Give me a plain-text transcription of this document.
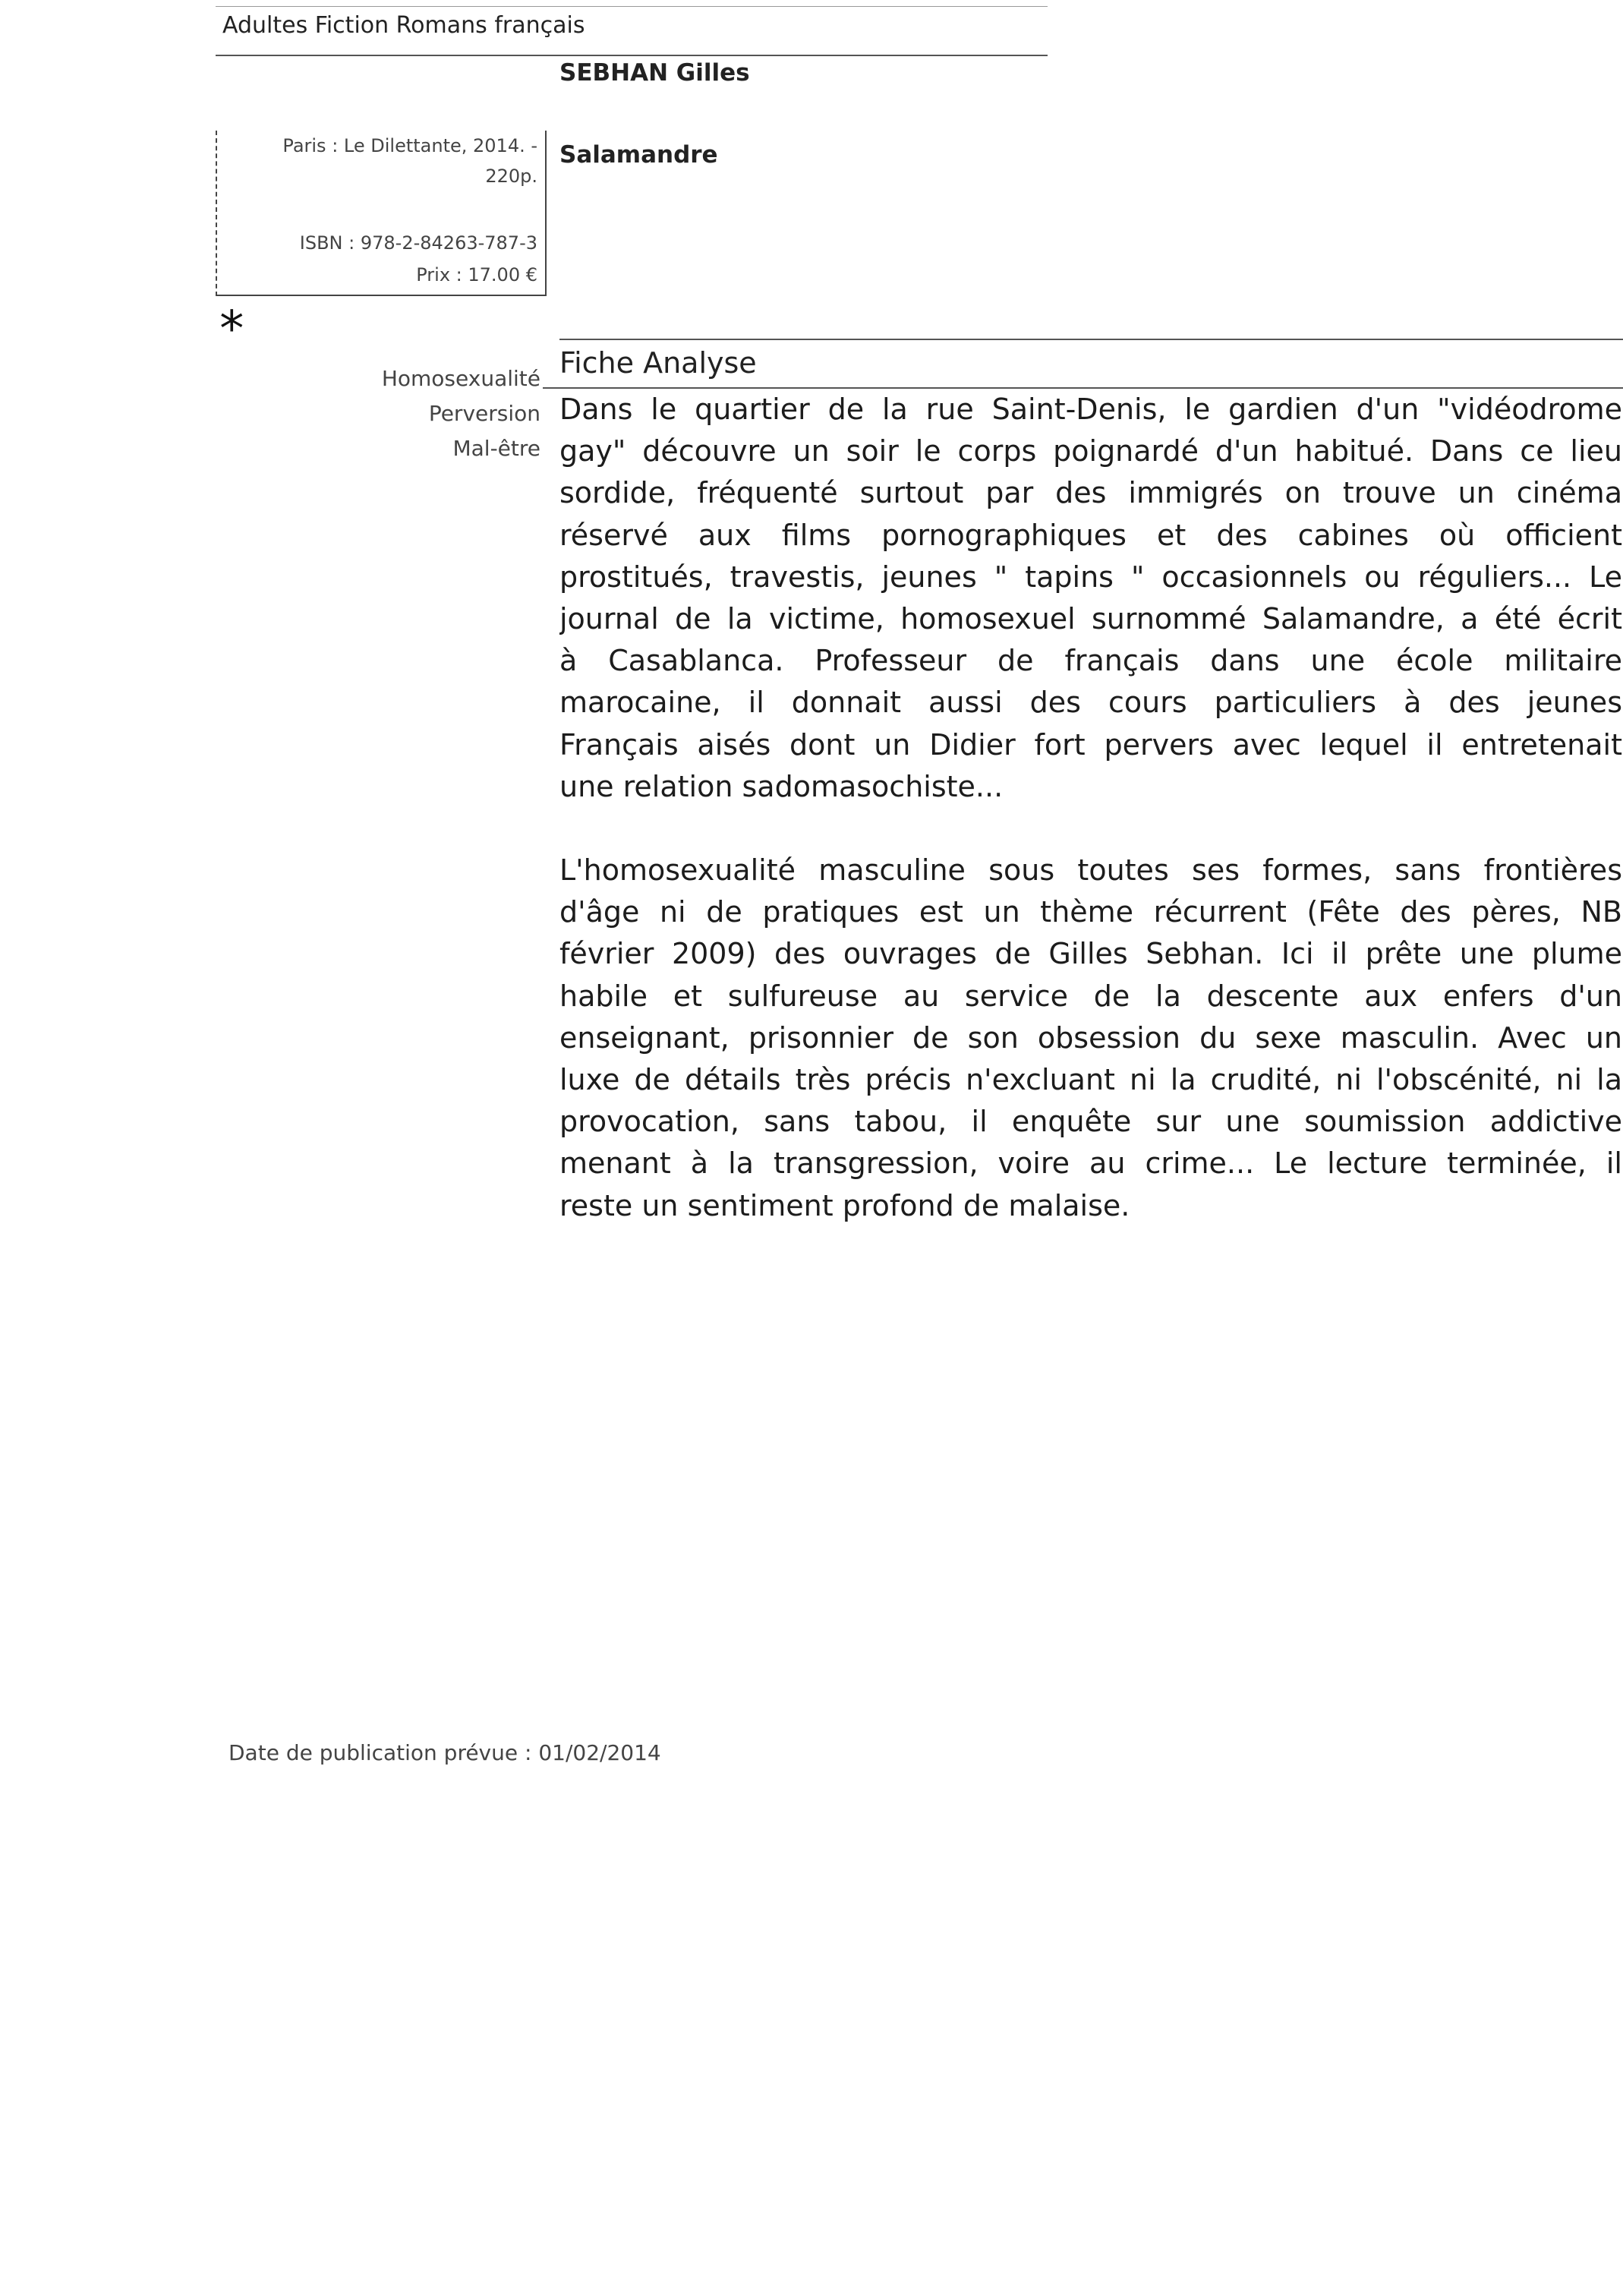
Adultes Fiction Romans français

SEBHAN Gilles

Paris : Le Dilettante, 2014. -
220p.
ISBN : 978-2-84263-787-3
Prix : 17.00 €

Salamandre

*

Homosexualité
Perversion
Mal-être

Fiche Analyse

Dans le quartier de la rue Saint-Denis, le gardien d'un "vidéodrome
gay" découvre un soir le corps poignardé d'un habitué. Dans ce lieu
sordide, fréquenté surtout par des immigrés on trouve un cinéma
réservé aux films pornographiques et des cabines où officient
prostitués, travestis, jeunes " tapins " occasionnels ou réguliers... Le
journal de la victime, homosexuel surnommé Salamandre, a été écrit
à Casablanca. Professeur de français dans une école militaire
marocaine, il donnait aussi des cours particuliers à des jeunes
Français aisés dont un Didier fort pervers avec lequel il entretenait
une relation sadomasochiste...
L'homosexualité masculine sous toutes ses formes, sans frontières
d'âge ni de pratiques est un thème récurrent (Fête des pères, NB
février 2009) des ouvrages de Gilles Sebhan. Ici il prête une plume
habile et sulfureuse au service de la descente aux enfers d'un
enseignant, prisonnier de son obsession du sexe masculin. Avec un
luxe de détails très précis n'excluant ni la crudité, ni l'obscénité, ni la
provocation, sans tabou, il enquête sur une soumission addictive
menant à la transgression, voire au crime... Le lecture terminée, il
reste un sentiment profond de malaise.

Date de publication prévue : 01/02/2014
